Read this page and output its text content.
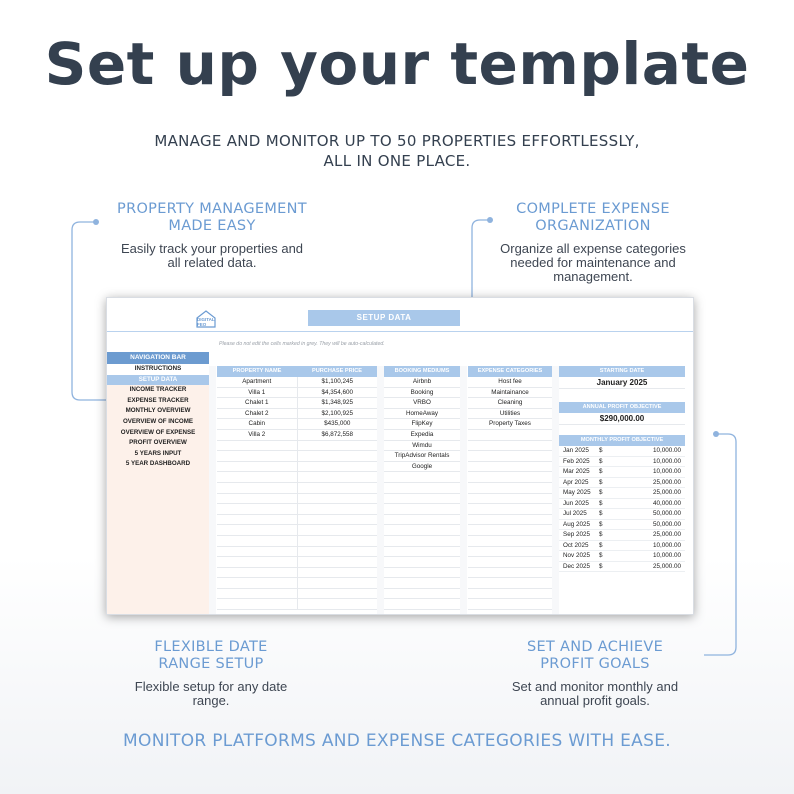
Set up your template
MANAGE AND MONITOR UP TO 50 PROPERTIES EFFORTLESSLY,
ALL IN ONE PLACE.
PROPERTY MANAGEMENT
MADE EASY
Easily track your properties and
all related data.
COMPLETE EXPENSE
ORGANIZATION
Organize all expense categories
needed for maintenance and
management.
FLEXIBLE DATE
RANGE SETUP
Flexible setup for any date
range.
SET AND ACHIEVE
PROFIT GOALS
Set and monitor monthly and
annual profit goals.
DIGITAL
FEO
SETUP DATA
Please do not edit the cells marked in grey. They will be auto-calculated.
NAVIGATION BAR
INSTRUCTIONS
SETUP DATA
INCOME TRACKER
EXPENSE TRACKER
MONTHLY OVERVIEW
OVERVIEW OF INCOME
OVERVIEW OF EXPENSE
PROFIT OVERVIEW
5 YEARS INPUT
5 YEAR DASHBOARD
PROPERTY NAME	PURCHASE PRICE
Apartment	$1,100,245
Villa 1	$4,354,600
Chalet 1	$1,348,925
Chalet 2	$2,100,925
Cabin	$435,000
Villa 2	$6,872,558
BOOKING MEDIUMS
Airbnb
Booking
VRBO
HomeAway
FlipKey
Expedia
Wimdu
TripAdvisor Rentals
Google
EXPENSE CATEGORIES
Host fee
Maintainance
Cleaning
Utilities
Property Taxes
STARTING DATE
January 2025
ANNUAL PROFIT OBJECTIVE
$290,000.00
MONTHLY PROFIT OBJECTIVE
Jan 2025	$	10,000.00
Feb 2025	$	10,000.00
Mar 2025	$	10,000.00
Apr 2025	$	25,000.00
May 2025	$	25,000.00
Jun 2025	$	40,000.00
Jul 2025	$	50,000.00
Aug 2025	$	50,000.00
Sep 2025	$	25,000.00
Oct 2025	$	10,000.00
Nov 2025	$	10,000.00
Dec 2025	$	25,000.00
MONITOR PLATFORMS AND EXPENSE CATEGORIES WITH EASE.
